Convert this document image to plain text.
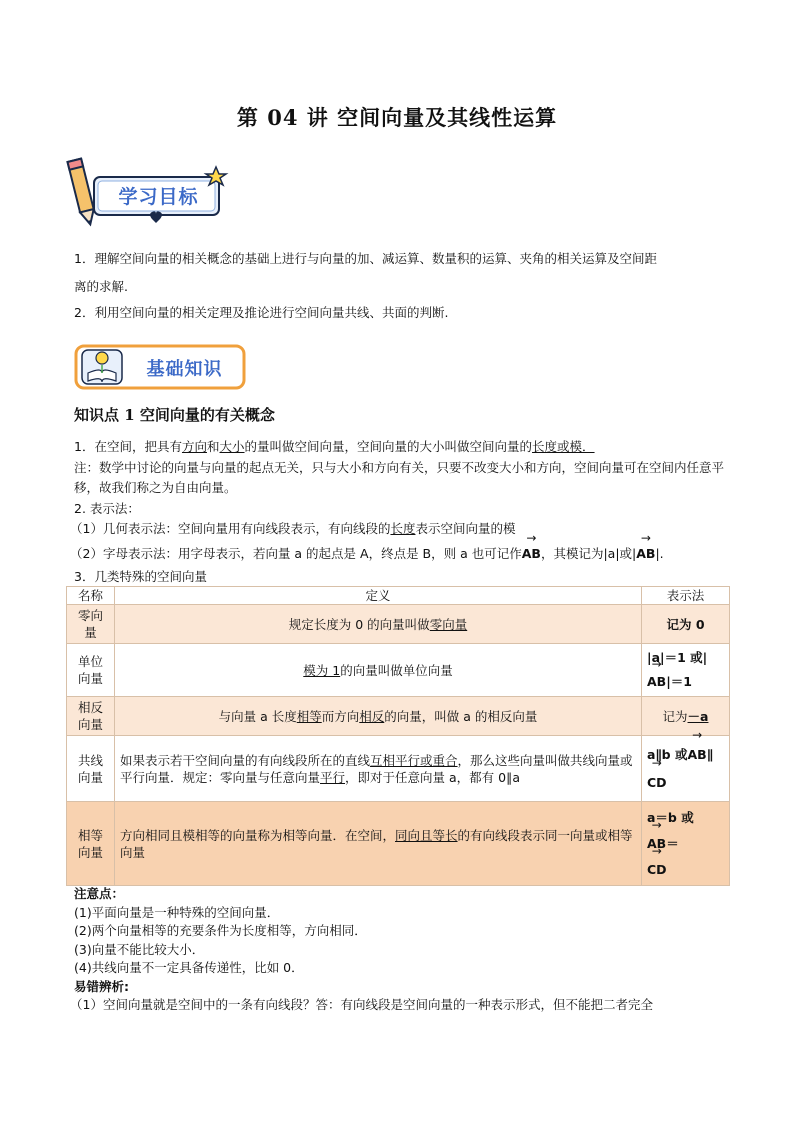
第 04 讲 空间向量及其线性运算
学习目标
1．理解空间向量的相关概念的基础上进行与向量的加、减运算、数量积的运算、夹角的相关运算及空间距
离的求解.
2．利用空间向量的相关定理及推论进行空间向量共线、共面的判断.
基础知识
知识点 1 空间向量的有关概念
1．在空间，把具有方向和大小的量叫做空间向量，空间向量的大小叫做空间向量的长度或模．
注：数学中讨论的向量与向量的起点无关，只与大小和方向有关，只要不改变大小和方向，空间向量可在空间内任意平移，故我们称之为自由向量。
2. 表示法：
（1）几何表示法：空间向量用有向线段表示，有向线段的长度表示空间向量的模
（2）字母表示法：用字母表示，若向量 a 的起点是 A，终点是 B，则 a 也可记作→ AB，其模记为|a|或|→ AB|.
3．几类特殊的空间向量
名称	定义	表示法
零向量	规定长度为 0 的向量叫做零向量	记为 0
单位向量	模为 1的向量叫做单位向量	|a|＝1 或|
→ AB|＝1
相反向量	与向量 a 长度相等而方向相反的向量，叫做 a 的相反向量	记为－a
共线向量	如果表示若干空间向量的有向线段所在的直线互相平行或重合，那么这些向量叫做共线向量或平行向量．规定：零向量与任意向量平行，即对于任意向量 a，都有 0∥a	a∥b 或→ AB∥
→ CD
相等向量	方向相同且模相等的向量称为相等向量．在空间，同向且等长的有向线段表示同一向量或相等向量	a＝b 或
→ AB＝
→ CD
注意点：
(1)平面向量是一种特殊的空间向量．
(2)两个向量相等的充要条件为长度相等，方向相同．
(3)向量不能比较大小．
(4)共线向量不一定具备传递性，比如 0．
易错辨析:
（1）空间向量就是空间中的一条有向线段？答：有向线段是空间向量的一种表示形式，但不能把二者完全
